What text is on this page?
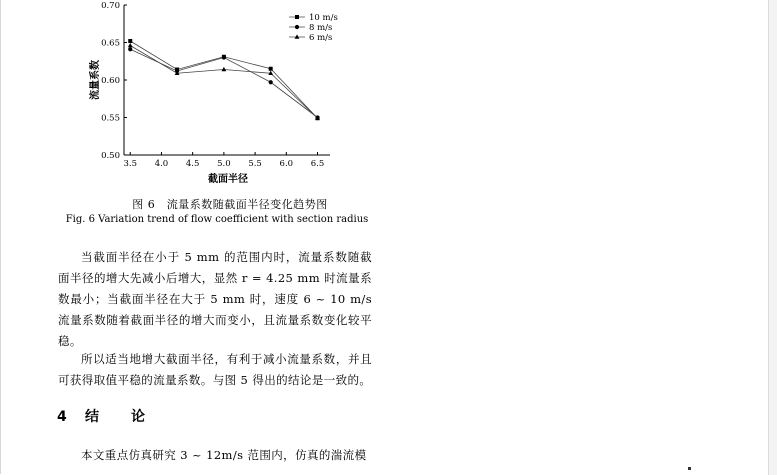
0.50
0.55
0.60
0.65
0.70
3.5 4.0 4.5 5.0 5.5 6.0 6.5
10 m/s
8 m/s
6 m/s
截面半径
流量系数
图 6　流量系数随截面半径变化趋势图
Fig. 6 Variation trend of flow coefficient with section radius
当截面半径在小于 5 mm 的范围内时，流量系数随截面半径的增大先减小后增大，显然 r = 4.25 mm 时流量系数最小；当截面半径在大于 5 mm 时，速度 6 ~ 10 m/s 流量系数随着截面半径的增大而变小，且流量系数变化较平稳。
所以适当地增大截面半径，有利于减小流量系数，并且可获得取值平稳的流量系数。与图 5 得出的结论是一致的。
4 结 论
本文重点仿真研究 3 ~ 12m/s 范围内，仿真的湍流模
